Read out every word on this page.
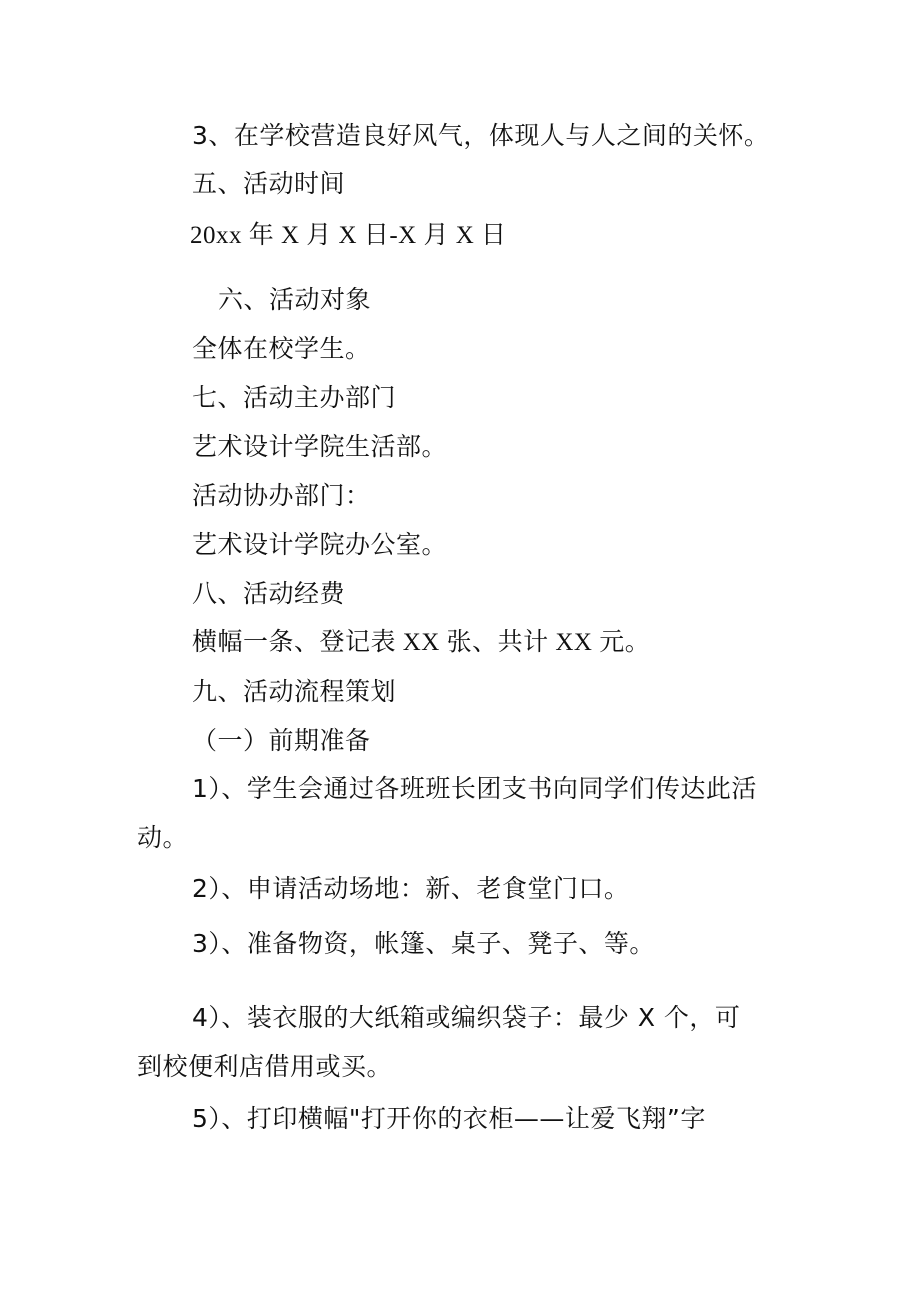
3、在学校营造良好风气，体现人与人之间的关怀。
五、活动时间
20xx 年 X 月 X 日-X 月 X 日
六、活动对象
全体在校学生。
七、活动主办部门
艺术设计学院生活部。
活动协办部门：
艺术设计学院办公室。
八、活动经费
横幅一条、登记表 XX 张、共计 XX 元。
九、活动流程策划
（一）前期准备
1）、学生会通过各班班长团支书向同学们传达此活
动。
2）、申请活动场地：新、老食堂门口。
3）、准备物资，帐篷、桌子、凳子、等。
4）、装衣服的大纸箱或编织袋子：最少 X 个，可
到校便利店借用或买。
5）、打印横幅"打开你的衣柜——让爱飞翔”字
